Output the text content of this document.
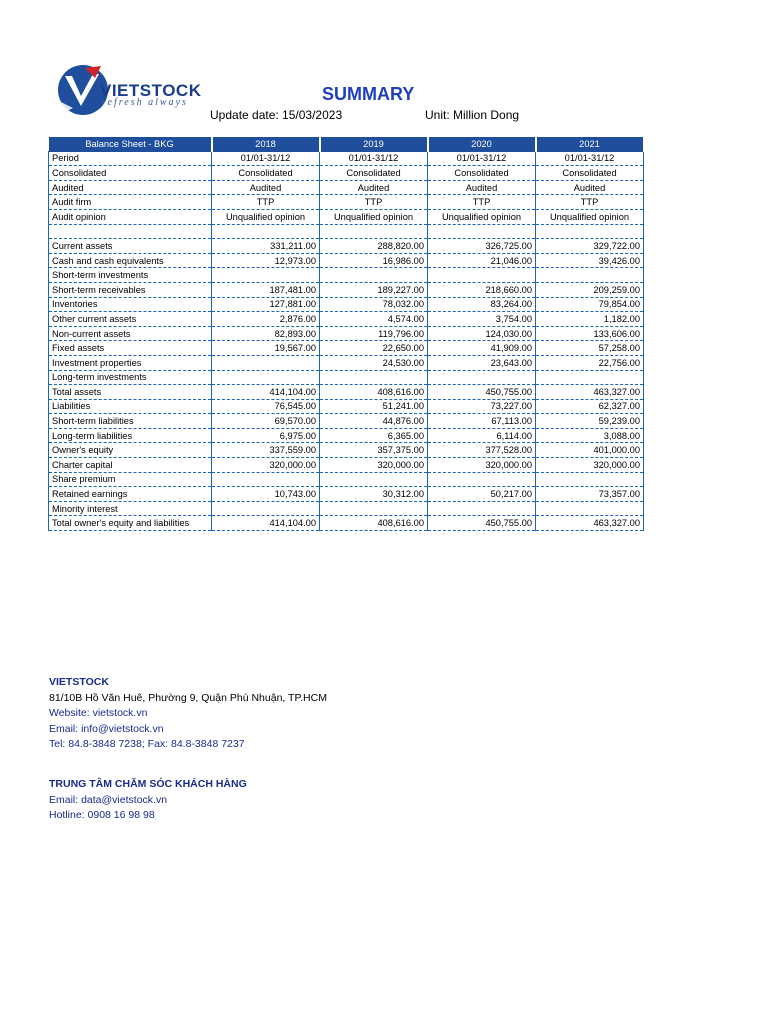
VIETSTOCK
refresh always	SUMMARY
Update date: 15/03/2023	Unit: Million Dong
Balance Sheet - BKG	2018	2019	2020	2021
Period	01/01-31/12	01/01-31/12	01/01-31/12	01/01-31/12
Consolidated	Consolidated	Consolidated	Consolidated	Consolidated
Audited	Audited	Audited	Audited	Audited
Audit firm	TTP	TTP	TTP	TTP
Audit opinion	Unqualified opinion	Unqualified opinion	Unqualified opinion	Unqualified opinion

Current assets	331,211.00	288,820.00	326,725.00	329,722.00
Cash and cash equivalents	12,973.00	16,986.00	21,046.00	39,426.00
Short-term investments				
Short-term receivables	187,481.00	189,227.00	218,660.00	209,259.00
Inventories	127,881.00	78,032.00	83,264.00	79,854.00
Other current assets	2,876.00	4,574.00	3,754.00	1,182.00
Non-current assets	82,893.00	119,796.00	124,030.00	133,606.00
Fixed assets	19,567.00	22,650.00	41,909.00	57,258.00
Investment properties		24,530.00	23,643.00	22,756.00
Long-term investments				
Total assets	414,104.00	408,616.00	450,755.00	463,327.00
Liabilities	76,545.00	51,241.00	73,227.00	62,327.00
Short-term liabilities	69,570.00	44,876.00	67,113.00	59,239.00
Long-term liabilities	6,975.00	6,365.00	6,114.00	3,088.00
Owner's equity	337,559.00	357,375.00	377,528.00	401,000.00
Charter capital	320,000.00	320,000.00	320,000.00	320,000.00
Share premium				
Retained earnings	10,743.00	30,312.00	50,217.00	73,357.00
Minority interest				
Total owner's equity and liabilities	414,104.00	408,616.00	450,755.00	463,327.00
VIETSTOCK
81/10B Hồ Văn Huê, Phường 9, Quận Phú Nhuận, TP.HCM
Website: vietstock.vn
Email: info@vietstock.vn
Tel: 84.8-3848 7238; Fax: 84.8-3848 7237
TRUNG TÂM CHĂM SÓC KHÁCH HÀNG
Email: data@vietstock.vn
Hotline: 0908 16 98 98
